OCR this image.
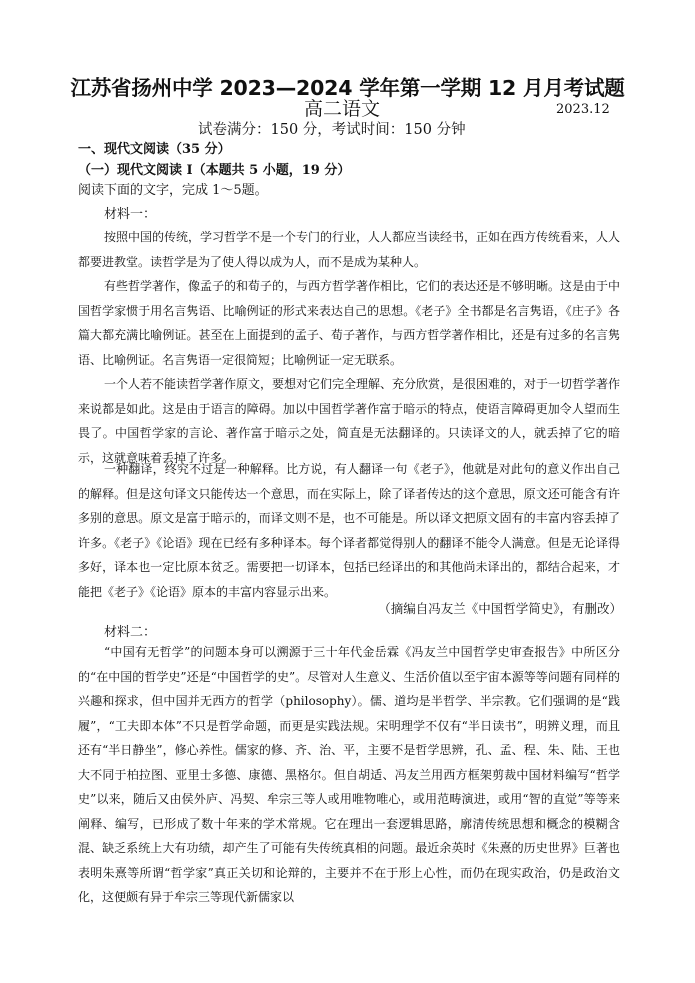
江苏省扬州中学 2023—2024 学年第一学期 12 月月考试题
高二语文	2023.12
试卷满分：150 分，考试时间：150 分钟
一、现代文阅读（35 分）
（一）现代文阅读 Ⅰ（本题共 5 小题，19 分）
阅读下面的文字，完成 1～5题。
材料一：

按照中国的传统，学习哲学不是一个专门的行业，人人都应当读经书，正如在西方传统看来，人人都要进教堂。读哲学是为了使人得以成为人，而不是成为某种人。

有些哲学著作，像孟子的和荀子的，与西方哲学著作相比，它们的表达还是不够明晰。这是由于中国哲学家惯于用名言隽语、比喻例证的形式来表达自己的思想。《老子》全书都是名言隽语，《庄子》各篇大都充满比喻例证。甚至在上面提到的孟子、荀子著作，与西方哲学著作相比，还是有过多的名言隽语、比喻例证。名言隽语一定很简短；比喻例证一定无联系。

一个人若不能读哲学著作原文，要想对它们完全理解、充分欣赏，是很困难的，对于一切哲学著作来说都是如此。这是由于语言的障碍。加以中国哲学著作富于暗示的特点，使语言障碍更加令人望而生畏了。中国哲学家的言论、著作富于暗示之处，简直是无法翻译的。只读译文的人，就丢掉了它的暗示，这就意味着丢掉了许多。

一种翻译，终究不过是一种解释。比方说，有人翻译一句《老子》，他就是对此句的意义作出自己的解释。但是这句译文只能传达一个意思，而在实际上，除了译者传达的这个意思，原文还可能含有许多别的意思。原文是富于暗示的，而译文则不是，也不可能是。所以译文把原文固有的丰富内容丢掉了许多。《老子》《论语》现在已经有多种译本。每个译者都觉得别人的翻译不能令人满意。但是无论译得多好，译本也一定比原本贫乏。需要把一切译本，包括已经译出的和其他尚未译出的，都结合起来，才能把《老子》《论语》原本的丰富内容显示出来。

（摘编自冯友兰《中国哲学简史》，有删改）
材料二：

“中国有无哲学”的问题本身可以溯源于三十年代金岳霖《冯友兰中国哲学史审查报告》中所区分的“在中国的哲学史”还是“中国哲学的史”。尽管对人生意义、生活价值以至宇宙本源等等问题有同样的兴趣和探求，但中国并无西方的哲学（philosophy）。儒、道均是半哲学、半宗教。它们强调的是“践履”，“工夫即本体”不只是哲学命题，而更是实践法规。宋明理学不仅有“半日读书”，明辨义理，而且还有“半日静坐”，修心养性。儒家的修、齐、治、平，主要不是哲学思辨，孔、孟、程、朱、陆、王也大不同于柏拉图、亚里士多德、康德、黑格尔。但自胡适、冯友兰用西方框架剪裁中国材料编写“哲学史”以来，随后又由侯外庐、冯契、牟宗三等人或用唯物唯心，或用范畴演进，或用“智的直觉”等等来阐释、编写，已形成了数十年来的学术常规。它在理出一套逻辑思路，廓清传统思想和概念的模糊含混、缺乏系统上大有功绩，却产生了可能有失传统真相的问题。最近余英时《朱熹的历史世界》巨著也表明朱熹等所谓“哲学家”真正关切和论辩的，主要并不在于形上心性，而仍在现实政治，仍是政治文化，这便颇有异于牟宗三等现代新儒家以
